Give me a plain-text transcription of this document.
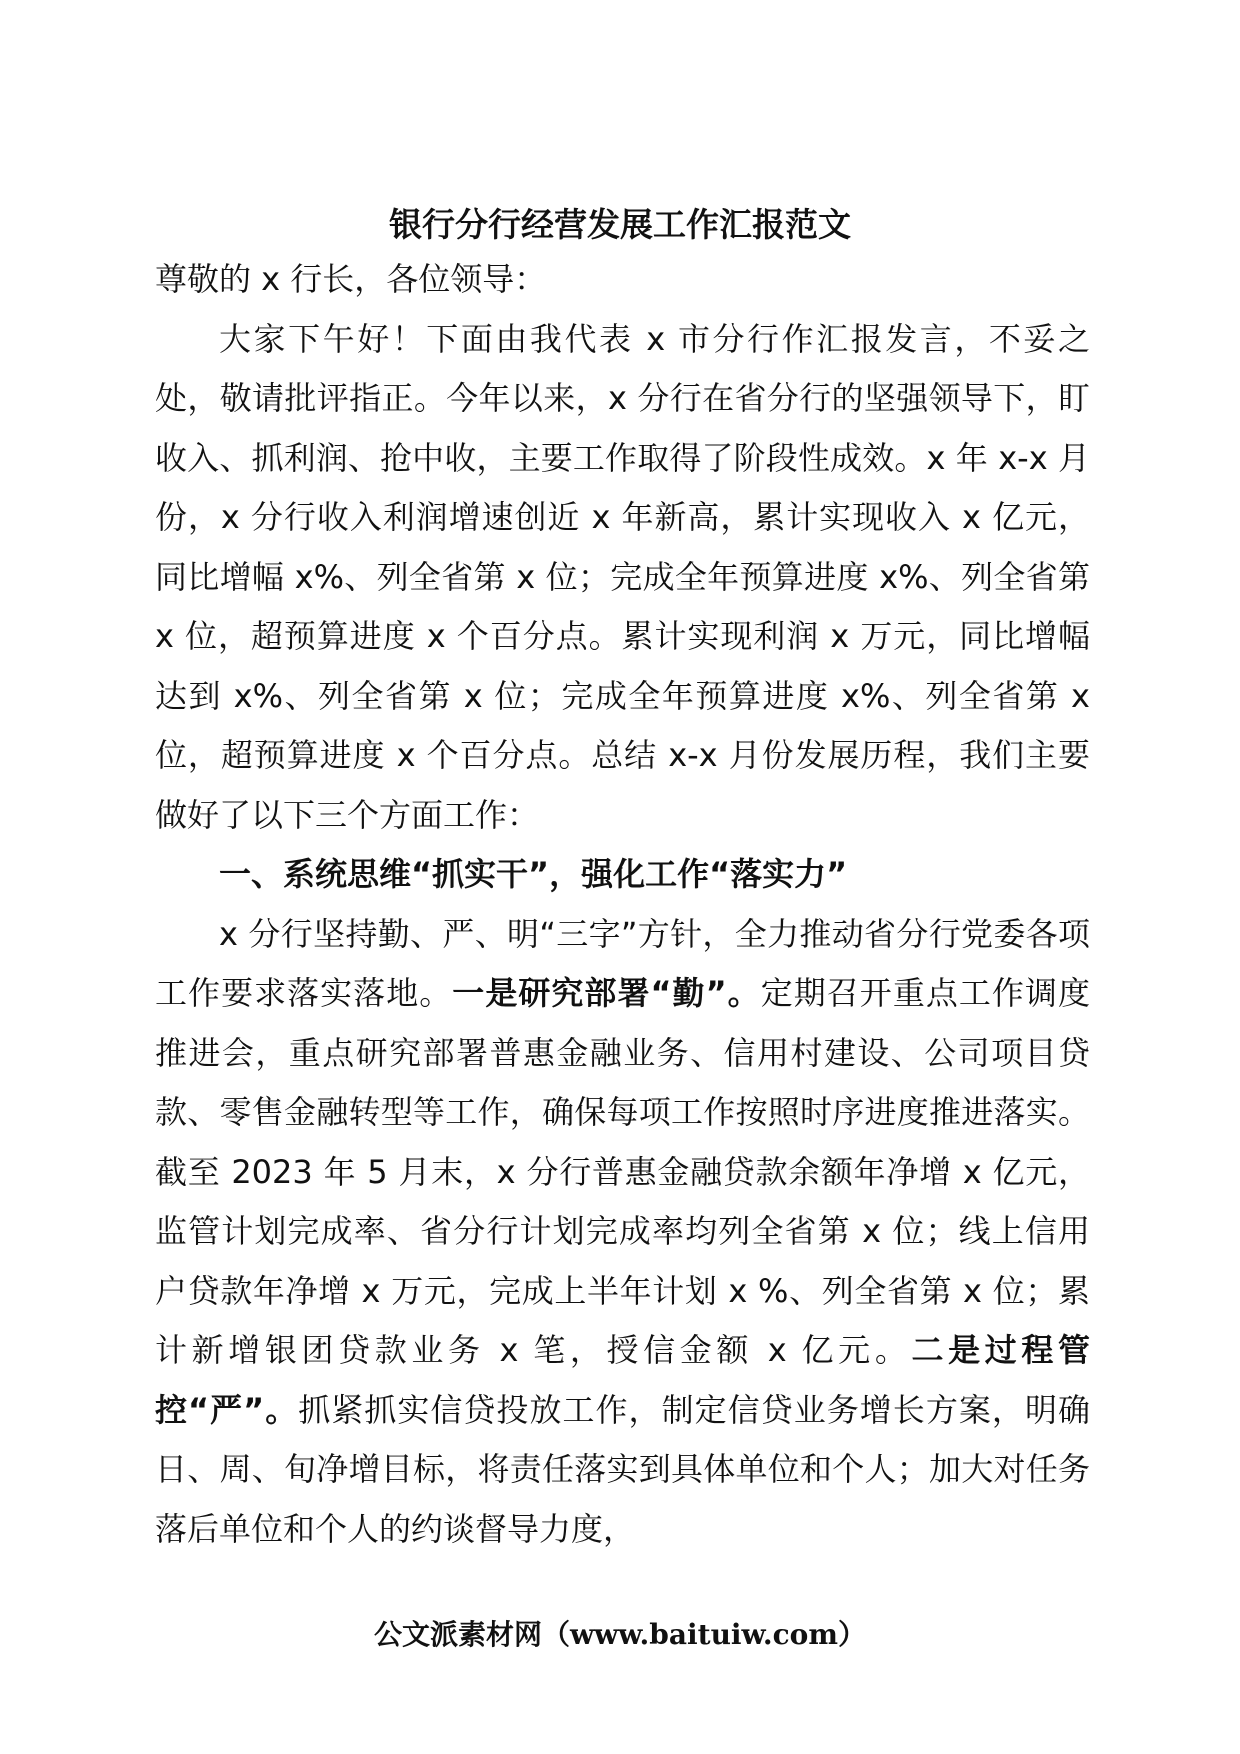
银行分行经营发展工作汇报范文

尊敬的 x 行长，各位领导：

大家下午好！下面由我代表 x 市分行作汇报发言，不妥之处，敬请批评指正。今年以来，x 分行在省分行的坚强领导下，盯收入、抓利润、抢中收，主要工作取得了阶段性成效。x 年 x-x 月份，x 分行收入利润增速创近 x 年新高，累计实现收入 x 亿元，同比增幅 x%、列全省第 x 位；完成全年预算进度 x%、列全省第 x 位，超预算进度 x 个百分点。累计实现利润 x 万元，同比增幅达到 x%、列全省第 x 位；完成全年预算进度 x%、列全省第 x 位，超预算进度 x 个百分点。总结 x-x 月份发展历程，我们主要做好了以下三个方面工作：

一、系统思维“抓实干”，强化工作“落实力”

x 分行坚持勤、严、明“三字”方针，全力推动省分行党委各项工作要求落实落地。一是研究部署“勤”。定期召开重点工作调度推进会，重点研究部署普惠金融业务、信用村建设、公司项目贷款、零售金融转型等工作，确保每项工作按照时序进度推进落实。截至 2023 年 5 月末，x 分行普惠金融贷款余额年净增 x 亿元，监管计划完成率、省分行计划完成率均列全省第 x 位；线上信用户贷款年净增 x 万元，完成上半年计划 x %、列全省第 x 位；累计新增银团贷款业务 x 笔，授信金额 x 亿元。二是过程管控“严”。抓紧抓实信贷投放工作，制定信贷业务增长方案，明确日、周、旬净增目标，将责任落实到具体单位和个人；加大对任务落后单位和个人的约谈督导力度，

公文派素材网（www.baituiw.com）
